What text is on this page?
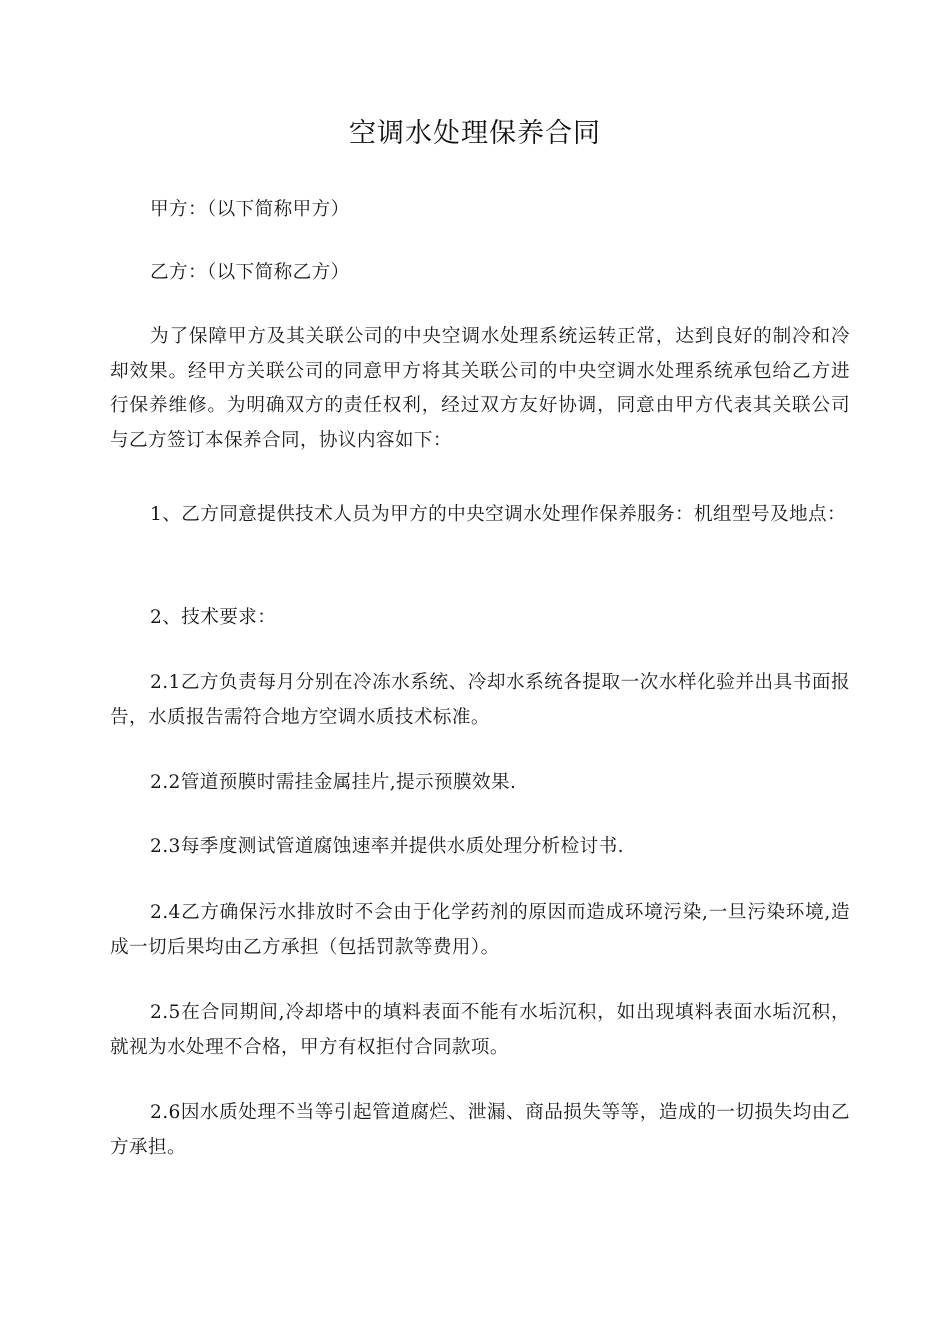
空调水处理保养合同

甲方：（以下简称甲方）

乙方：（以下简称乙方）

为了保障甲方及其关联公司的中央空调水处理系统运转正常，达到良好的制冷和冷却效果。经甲方关联公司的同意甲方将其关联公司的中央空调水处理系统承包给乙方进行保养维修。为明确双方的责任权利，经过双方友好协调，同意由甲方代表其关联公司与乙方签订本保养合同，协议内容如下：

1、乙方同意提供技术人员为甲方的中央空调水处理作保养服务：机组型号及地点：

2、技术要求：

2.1乙方负责每月分别在冷冻水系统、冷却水系统各提取一次水样化验并出具书面报告，水质报告需符合地方空调水质技术标准。

2.2管道预膜时需挂金属挂片,提示预膜效果.

2.3每季度测试管道腐蚀速率并提供水质处理分析检讨书.

2.4乙方确保污水排放时不会由于化学药剂的原因而造成环境污染,一旦污染环境,造成一切后果均由乙方承担（包括罚款等费用）。

2.5在合同期间,冷却塔中的填料表面不能有水垢沉积，如出现填料表面水垢沉积，就视为水处理不合格，甲方有权拒付合同款项。

2.6因水质处理不当等引起管道腐烂、泄漏、商品损失等等，造成的一切损失均由乙方承担。
